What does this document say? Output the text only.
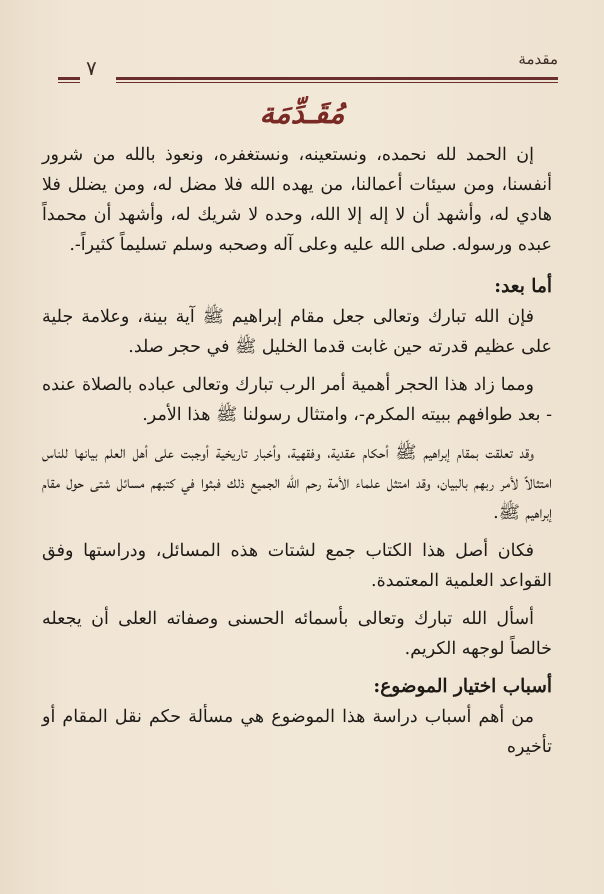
مقدمة
٧
مُقَـدِّمَة

إن الحمد لله نحمده، ونستعينه، ونستغفره، ونعوذ بالله من شرور أنفسنا، ومن سيئات أعمالنا، من يهده الله فلا مضل له، ومن يضلل فلا هادي له، وأشهد أن لا إله إلا الله، وحده لا شريك له، وأشهد أن محمداً عبده ورسوله. صلى الله عليه وعلى آله وصحبه وسلم تسليماً كثيراً-.

أما بعد:

فإن الله تبارك وتعالى جعل مقام إبراهيم ﷺ آية بينة، وعلامة جلية على عظيم قدرته حين غابت قدما الخليل ﷺ في حجر صلد.

ومما زاد هذا الحجر أهمية أمر الرب تبارك وتعالى عباده بالصلاة عنده - بعد طوافهم ببيته المكرم-، وامتثال رسولنا ﷺ هذا الأمر.

وقد تعلقت بمقام إبراهيم ﷺ أحكام عقدية، وفقهية، وأخبار تاريخية أوجبت على أهل العلم بيانها للناس امتثالاً لأمر ربهم بالبيان، وقد امتثل علماء الأمة رحم الله الجميع ذلك فبثوا في كتبهم مسائل شتى حول مقام إبراهيم ﷺ.

فكان أصل هذا الكتاب جمع لشتات هذه المسائل، ودراستها وفق القواعد العلمية المعتمدة.

أسأل الله تبارك وتعالى بأسمائه الحسنى وصفاته العلى أن يجعله خالصاً لوجهه الكريم.

أسباب اختيار الموضوع:

من أهم أسباب دراسة هذا الموضوع هي مسألة حكم نقل المقام أو تأخيره
